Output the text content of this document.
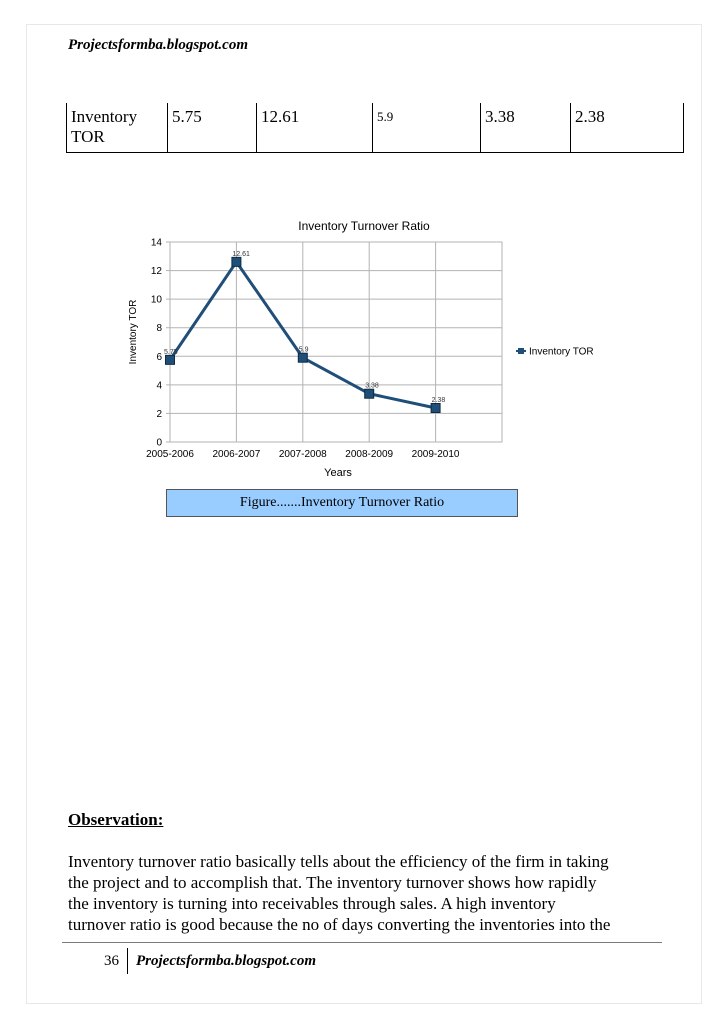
Projectsformba.blogspot.com
Inventory TOR	5.75	12.61	5.9	3.38	2.38
0
2
4
6
8
10
12
14
2005-2006 2006-2007 2007-2008 2008-2009 2009-2010
Inventory Turnover Ratio
Years
Inventory TOR	5.75
12.61
5.9
3.38
2.38
Inventory TOR
Figure.......Inventory Turnover Ratio
Observation:
Inventory turnover ratio basically tells about the efficiency of the firm in taking
the project and to accomplish that. The inventory turnover shows how rapidly
the inventory is turning into receivables through sales. A high inventory
turnover ratio is good because the no of days converting the inventories into the
36	Projectsformba.blogspot.com
